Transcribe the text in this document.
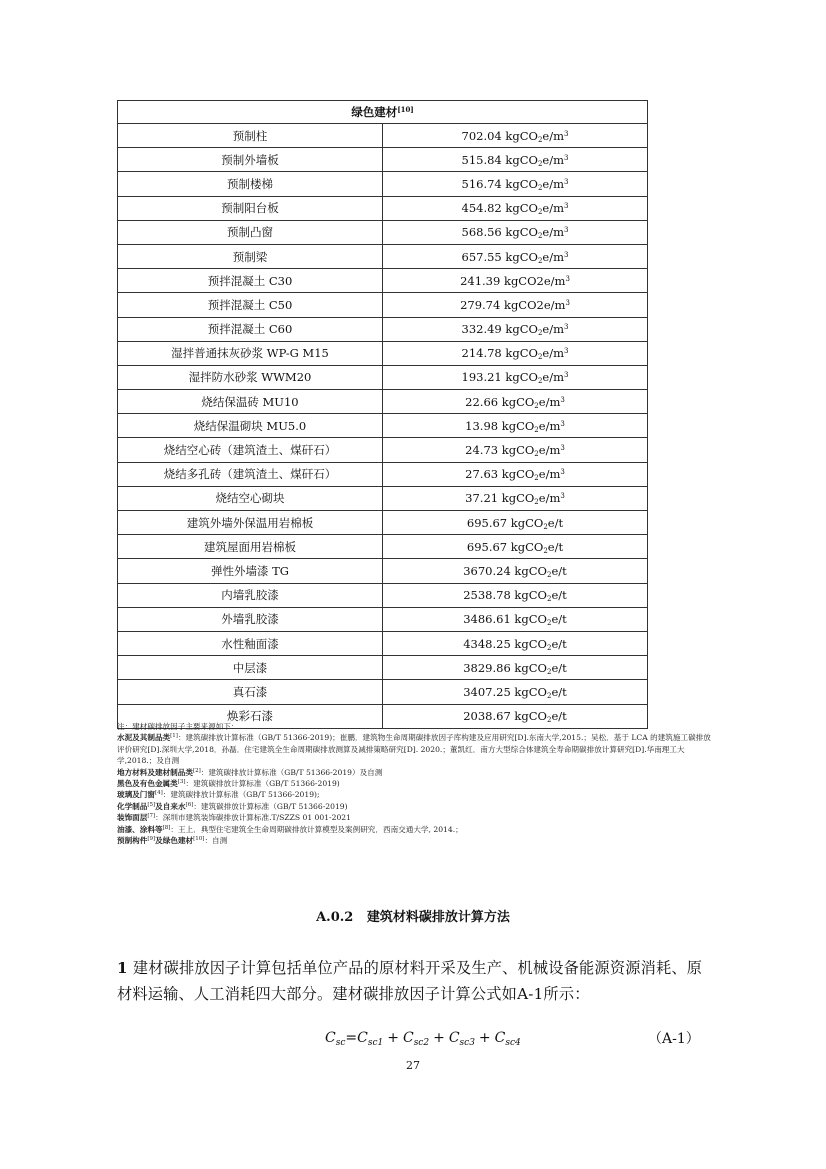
绿色建材[10]
预制柱	702.04 $kgCO_2e/m^3$
预制外墙板	515.84 $kgCO_2e/m^3$
预制楼梯	516.74 $kgCO_2e/m^3$
预制阳台板	454.82 $kgCO_2e/m^3$
预制凸窗	568.56 $kgCO_2e/m^3$
预制梁	657.55 $kgCO_2e/m^3$
预拌混凝土 C30	241.39 $kgCO2e/m^3$
预拌混凝土 C50	279.74 $kgCO2e/m^3$
预拌混凝土 C60	332.49 $kgCO_2e/m^3$
湿拌普通抹灰砂浆 WP-G M15	214.78 $kgCO_2e/m^3$
湿拌防水砂浆 WWM20	193.21 $kgCO_2e/m^3$
烧结保温砖 MU10	22.66 $kgCO_2e/m^3$
烧结保温砌块 MU5.0	13.98 $kgCO_2e/m^3$
烧结空心砖（建筑渣土、煤矸石）	24.73 $kgCO_2e/m^3$
烧结多孔砖（建筑渣土、煤矸石）	27.63 $kgCO_2e/m^3$
烧结空心砌块	37.21 $kgCO_2e/m^3$
建筑外墙外保温用岩棉板	695.67 kgCO$_2$e/t
建筑屋面用岩棉板	695.67 kgCO$_2$e/t
弹性外墙漆 TG	3670.24 kgCO$_2$e/t
内墙乳胶漆	2538.78 kgCO$_2$e/t
外墙乳胶漆	3486.61 kgCO$_2$e/t
水性釉面漆	4348.25 kgCO$_2$e/t
中层漆	3829.86 kgCO$_2$e/t
真石漆	3407.25 kgCO$_2$e/t
焕彩石漆	2038.67 kgCO$_2$e/t

注：建材碳排放因子主要来源如下：

水泥及其制品类[1]：建筑碳排放计算标准（GB/T 51366-2019)；崔鹏．建筑物生命周期碳排放因子库构建及应用研究[D].东南大学,2015.；吴松．基于 LCA 的建筑施工碳排放评价研究[D].深圳大学,2018．孙磊．住宅建筑全生命周期碳排放测算及减排策略研究[D]. 2020.；董凯红．南方大型综合体建筑全寿命期碳排放计算研究[D].华南理工大学,2018.；及自测

地方材料及建材制品类[2]：建筑碳排放计算标准（GB/T 51366-2019）及自测

黑色及有色金属类[3]：建筑碳排放计算标准（GB/T 51366-2019)

玻璃及门窗[4]：建筑碳排放计算标准（GB/T 51366-2019);

化学制品[5]及自来水[6]：建筑碳排放计算标准（GB/T 51366-2019)

装饰面层[7]：深圳市建筑装饰碳排放计算标准.T/SZZS 01 001-2021

油漆、涂料等[8]：王上．典型住宅建筑全生命周期碳排放计算模型及案例研究．西南交通大学, 2014.；

预制构件[9]及绿色建材[10]：自测

A.0.2 建筑材料碳排放计算方法
1 建材碳排放因子计算包括单位产品的原材料开采及生产、机械设备能源资源消耗、原材料运输、人工消耗四大部分。建材碳排放因子计算公式如A-1所示：
$C_{sc}=C_{sc1} + C_{sc2} + C_{sc3} + C_{sc4}$	（A-1）
27
